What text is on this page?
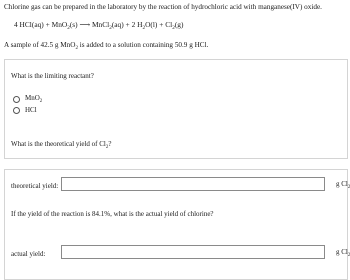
Chlorine gas can be prepared in the laboratory by the reaction of hydrochloric acid with manganese(IV) oxide.
4 HCl(aq) + MnO$_2$(s) ⟶ MnCl$_2$(aq) + 2 $H_2O(l) + Cl_2(g)$
A sample of 42.5 g MnO$_2$ is added to a solution containing 50.9 g HCl.
What is the limiting reactant?
MnO$_2$
HCl
What is the theoretical yield of $Cl_2$?
theoretical yield:	g $Cl_2$
If the yield of the reaction is 84.1%, what is the actual yield of chlorine?
actual yield:	g $Cl_2$
